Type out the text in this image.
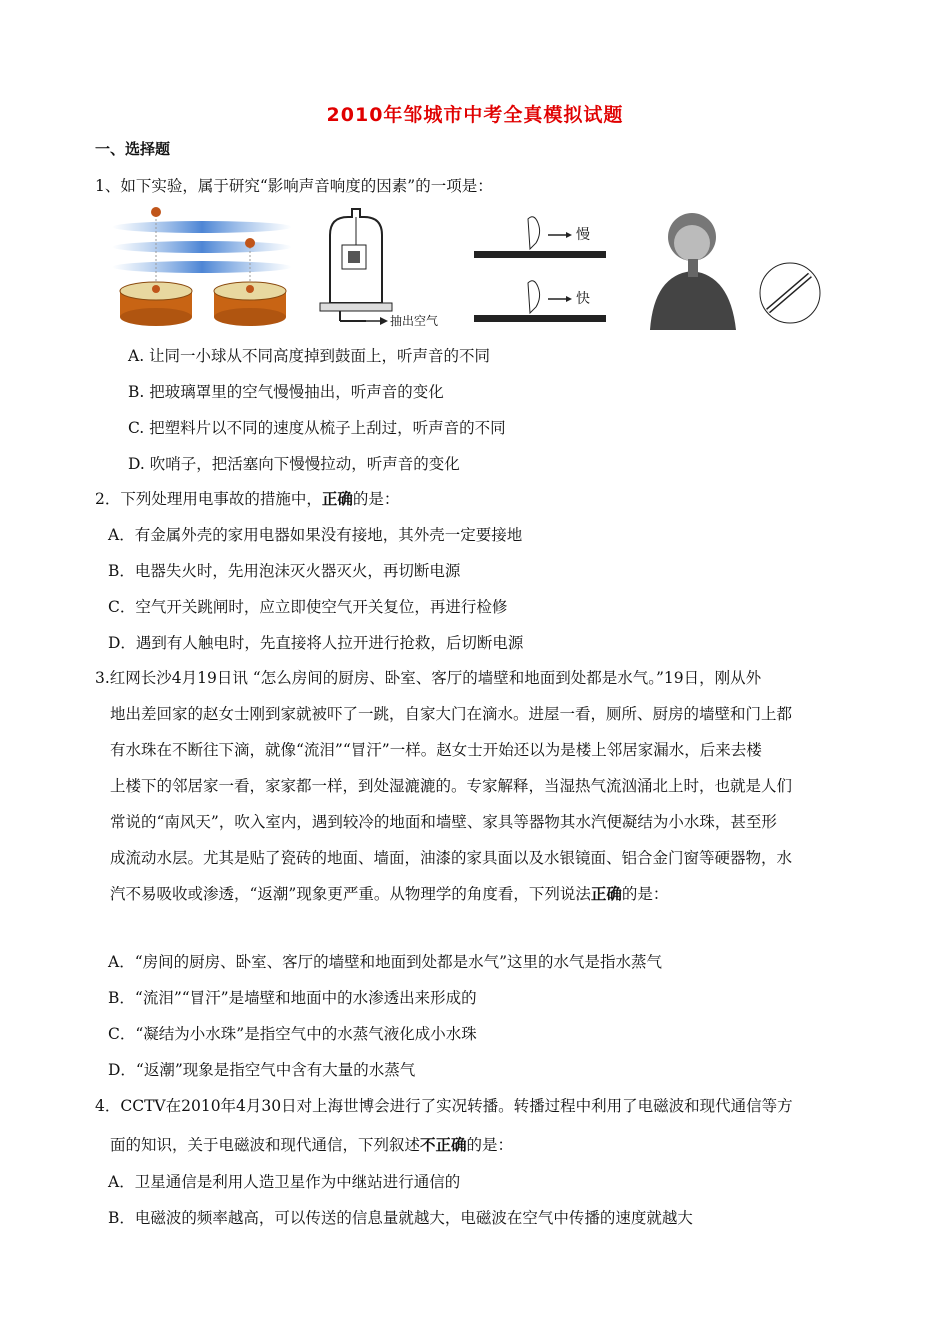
2010年邹城市中考全真模拟试题
一、选择题
1、如下实验，属于研究“影响声音响度的因素”的一项是：
抽出空气
慢
快
A. 让同一小球从不同高度掉到鼓面上，听声音的不同
B. 把玻璃罩里的空气慢慢抽出，听声音的变化
C. 把塑料片以不同的速度从梳子上刮过，听声音的不同
D. 吹哨子，把活塞向下慢慢拉动，听声音的变化
2．下列处理用电事故的措施中，正确的是：
A．有金属外壳的家用电器如果没有接地，其外壳一定要接地
B．电器失火时，先用泡沫灭火器灭火，再切断电源
C．空气开关跳闸时，应立即使空气开关复位，再进行检修
D．遇到有人触电时，先直接将人拉开进行抢救，后切断电源
3.红网长沙4月19日讯 “怎么房间的厨房、卧室、客厅的墙壁和地面到处都是水气。”19日，刚从外
地出差回家的赵女士刚到家就被吓了一跳，自家大门在滴水。进屋一看，厕所、厨房的墙壁和门上都
有水珠在不断往下滴，就像“流泪”“冒汗”一样。赵女士开始还以为是楼上邻居家漏水，后来去楼
上楼下的邻居家一看，家家都一样，到处湿漉漉的。专家解释，当湿热气流汹涌北上时，也就是人们
常说的“南风天”，吹入室内，遇到较冷的地面和墙壁、家具等器物其水汽便凝结为小水珠，甚至形
成流动水层。尤其是贴了瓷砖的地面、墙面，油漆的家具面以及水银镜面、铝合金门窗等硬器物，水
汽不易吸收或渗透，“返潮”现象更严重。从物理学的角度看，下列说法正确的是：
A．“房间的厨房、卧室、客厅的墙壁和地面到处都是水气”这里的水气是指水蒸气
B．“流泪”“冒汗”是墙壁和地面中的水渗透出来形成的
C．“凝结为小水珠”是指空气中的水蒸气液化成小水珠
D．“返潮”现象是指空气中含有大量的水蒸气
4．CCTV在2010年4月30日对上海世博会进行了实况转播。转播过程中利用了电磁波和现代通信等方
面的知识，关于电磁波和现代通信，下列叙述不正确的是：
A．卫星通信是利用人造卫星作为中继站进行通信的
B．电磁波的频率越高，可以传送的信息量就越大，电磁波在空气中传播的速度就越大
